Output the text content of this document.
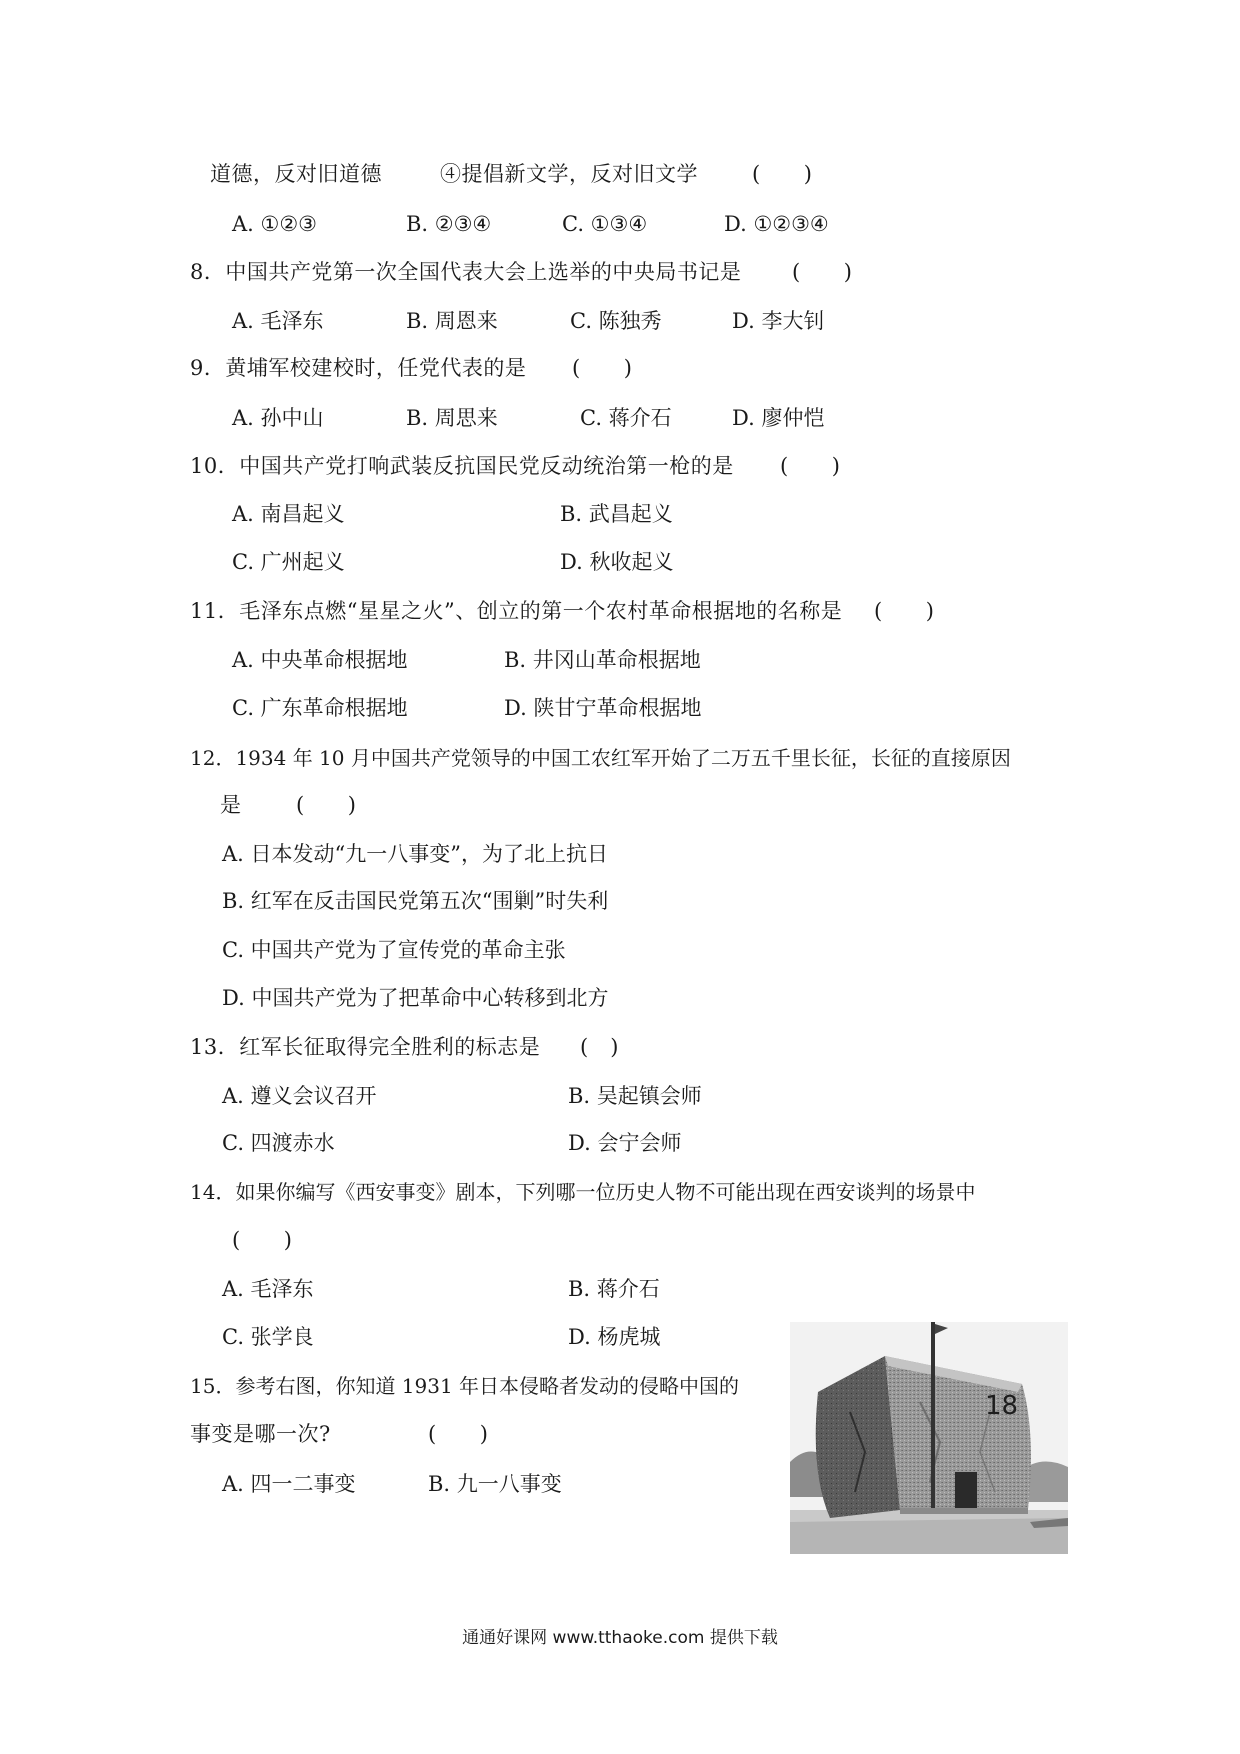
道德，反对旧道德	④提倡新文学，反对旧文学	(　　)
A. ①②③	B. ②③④	C. ①③④	D. ①②③④
8．中国共产党第一次全国代表大会上选举的中央局书记是 (　　)
A. 毛泽东	B. 周恩来	C. 陈独秀	D. 李大钊
9．黄埔军校建校时，任党代表的是 (　　)
A. 孙中山	B. 周思来	C. 蒋介石	D. 廖仲恺
10．中国共产党打响武装反抗国民党反动统治第一枪的是 (　　)
A. 南昌起义	B. 武昌起义
C. 广州起义	D. 秋收起义
11．毛泽东点燃“星星之火”、创立的第一个农村革命根据地的名称是 (　　)
A. 中央革命根据地	B. 井冈山革命根据地
C. 广东革命根据地	D. 陕甘宁革命根据地
12．1934 年 10 月中国共产党领导的中国工农红军开始了二万五千里长征，长征的直接原因
是	(　　)
A. 日本发动“九一八事变”，为了北上抗日
B. 红军在反击国民党第五次“围剿”时失利
C. 中国共产党为了宣传党的革命主张
D. 中国共产党为了把革命中心转移到北方
13．红军长征取得完全胜利的标志是 (　)
A. 遵义会议召开	B. 吴起镇会师
C. 四渡赤水	D. 会宁会师
14．如果你编写《西安事变》剧本，下列哪一位历史人物不可能出现在西安谈判的场景中
(　　)
A. 毛泽东	B. 蒋介石
C. 张学良	D. 杨虎城
15．参考右图，你知道 1931 年日本侵略者发动的侵略中国的
事变是哪一次?	(　　)
A. 四一二事变	B. 九一八事变
18
通通好课网 www.tthaoke.com 提供下载
